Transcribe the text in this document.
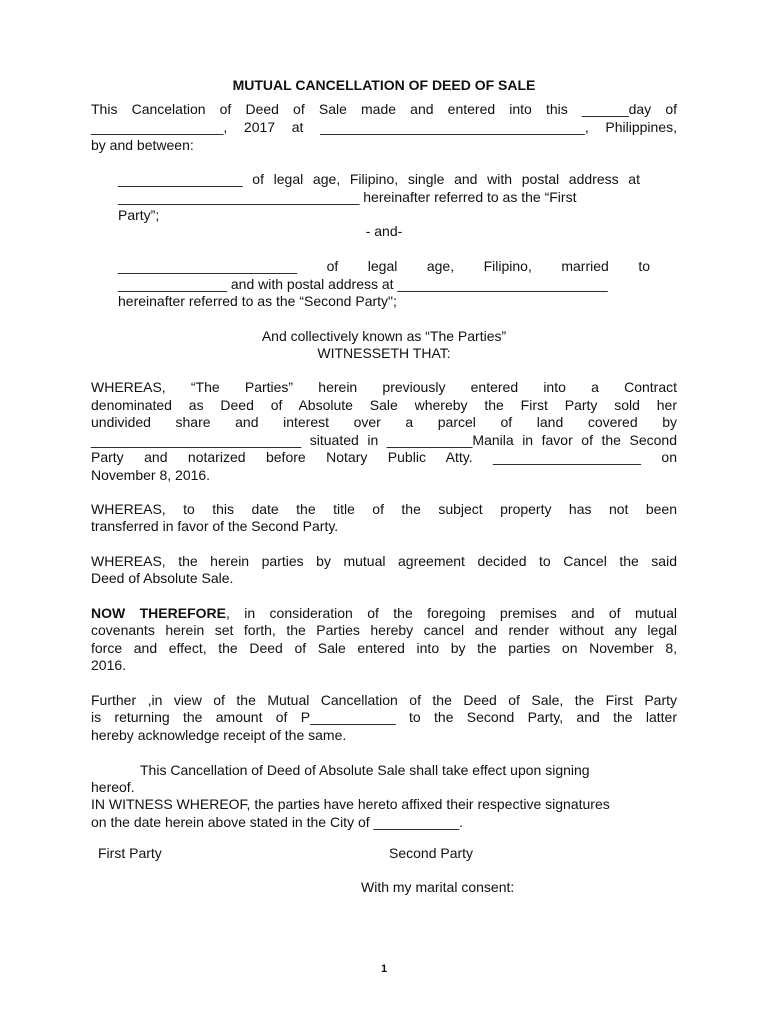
MUTUAL CANCELLATION OF DEED OF SALE

This Cancelation of Deed of Sale made and entered into this ______day of

_________________, 2017 at __________________________________, Philippines,

by and between:

________________ of legal age, Filipino, single and with postal address at

_______________________________ hereinafter referred to as the “First

Party”;

- and-

_______________________ of legal age, Filipino, married to

______________ and with postal address at ___________________________

hereinafter referred to as the “Second Party";

And collectively known as “The Parties”

WITNESSETH THAT:

WHEREAS, “The Parties” herein previously entered into a Contract

denominated as Deed of Absolute Sale whereby the First Party sold her

undivided share and interest over a parcel of land covered by

___________________________ situated in ___________Manila in favor of the Second

Party and notarized before Notary Public Atty. ___________________ on

November 8, 2016.

WHEREAS, to this date the title of the subject property has not been

transferred in favor of the Second Party.

WHEREAS, the herein parties by mutual agreement decided to Cancel the said

Deed of Absolute Sale.

NOW THEREFORE, in consideration of the foregoing premises and of mutual

covenants herein set forth, the Parties hereby cancel and render without any legal

force and effect, the Deed of Sale entered into by the parties on November 8,

2016.

Further ,in view of the Mutual Cancellation of the Deed of Sale, the First Party

is returning the amount of P___________ to the Second Party, and the latter

hereby acknowledge receipt of the same.

This Cancellation of Deed of Absolute Sale shall take effect upon signing

hereof.

IN WITNESS WHEREOF, the parties have hereto affixed their respective signatures

on the date herein above stated in the City of ___________.

First Party	Second Party

With my marital consent:

1
